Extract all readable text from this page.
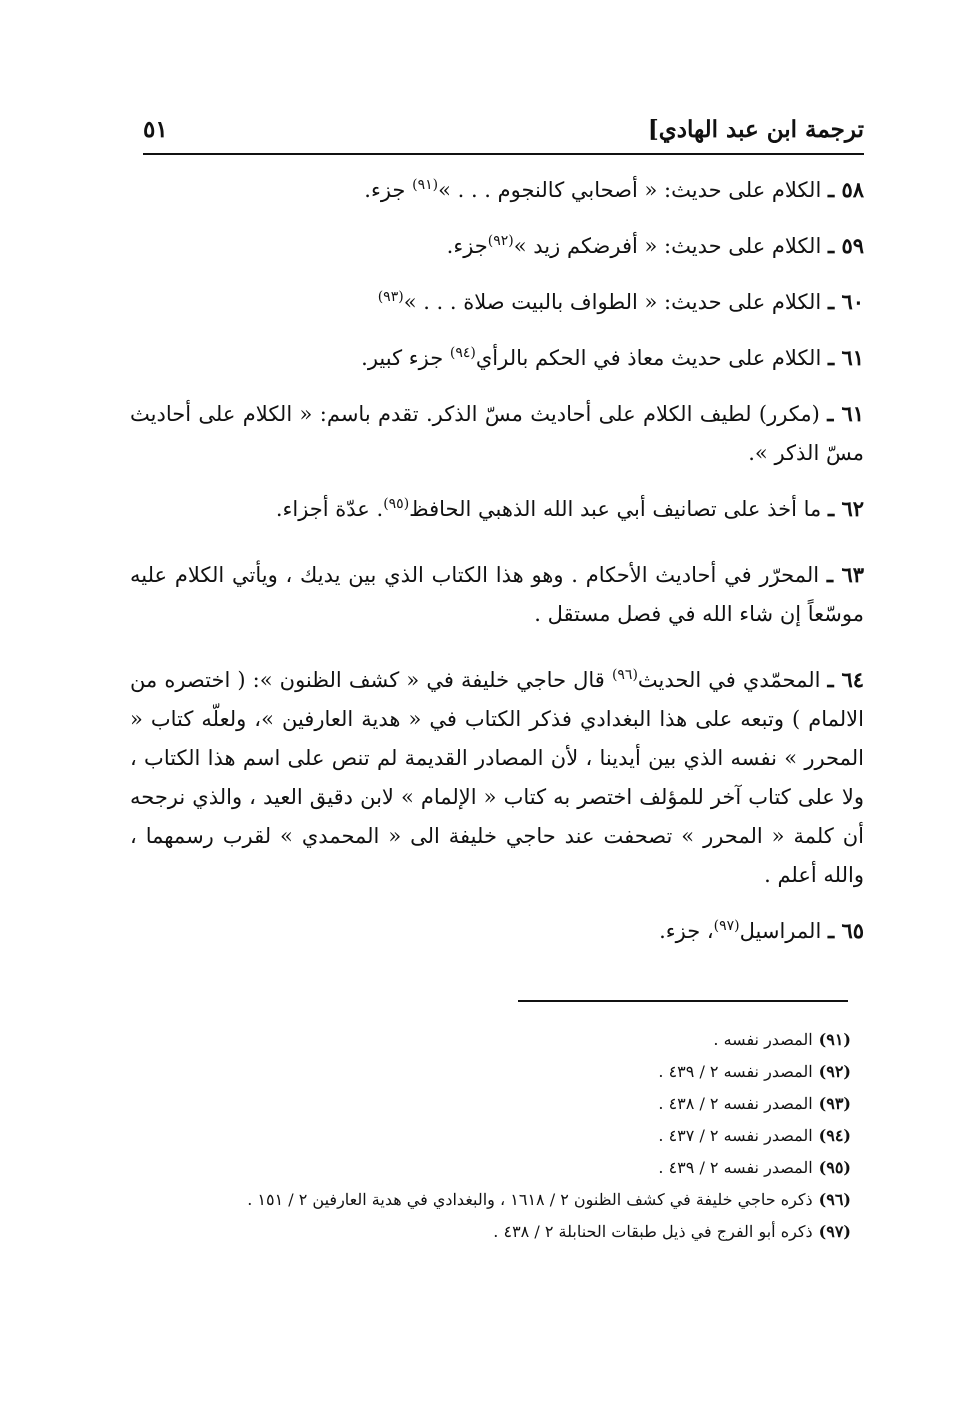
ترجمة ابن عبد الهادي]
٥١

٥٨ ـ الكلام على حديث: « أصحابي كالنجوم . . . »$^{(٩١)}$ جزء.

٥٩ ـ الكلام على حديث: « أفرضكم زيد »$^{(٩٢)}$جزء.

٦٠ ـ الكلام على حديث: « الطواف بالبيت صلاة . . . »$^{(٩٣)}$

٦١ ـ الكلام على حديث معاذ في الحكم بالرأي$^{(٩٤)}$ جزء كبير.

٦١ ـ (مكرر) لطيف الكلام على أحاديث مسّ الذكر. تقدم باسم: « الكلام على أحاديث مسّ الذكر ».

٦٢ ـ ما أخذ على تصانيف أبي عبد الله الذهبي الحافظ$^{(٩٥)}$. عدّة أجزاء.

٦٣ ـ المحرّر في أحاديث الأحكام . وهو هذا الكتاب الذي بين يديك ، ويأتي الكلام عليه موسّعاً إن شاء الله في فصل مستقل .

٦٤ ـ المحمّدي في الحديث$^{(٩٦)}$ قال حاجي خليفة في « كشف الظنون »: ( اختصره من الالمام ) وتبعه على هذا البغدادي فذكر الكتاب في « هدية العارفين »، ولعلّه كتاب « المحرر » نفسه الذي بين أيدينا ، لأن المصادر القديمة لم تنص على اسم هذا الكتاب ، ولا على كتاب آخر للمؤلف اختصر به كتاب « الإلمام » لابن دقيق العيد ، والذي نرجحه أن كلمة « المحرر » تصحفت عند حاجي خليفة الى « المحمدي » لقرب رسمهما ، والله أعلم .

٦٥ ـ المراسيل$^{(٩٧)}$، جزء.

(٩١)المصدر نفسه .
(٩٢)المصدر نفسه ٢ / ٤٣٩ .
(٩٣)المصدر نفسه ٢ / ٤٣٨ .
(٩٤)المصدر نفسه ٢ / ٤٣٧ .
(٩٥)المصدر نفسه ٢ / ٤٣٩ .
(٩٦)ذكره حاجي خليفة في كشف الظنون ٢ / ١٦١٨ ، والبغدادي في هدية العارفين ٢ / ١٥١ .
(٩٧)ذكره أبو الفرج في ذيل طبقات الحنابلة ٢ / ٤٣٨ .
